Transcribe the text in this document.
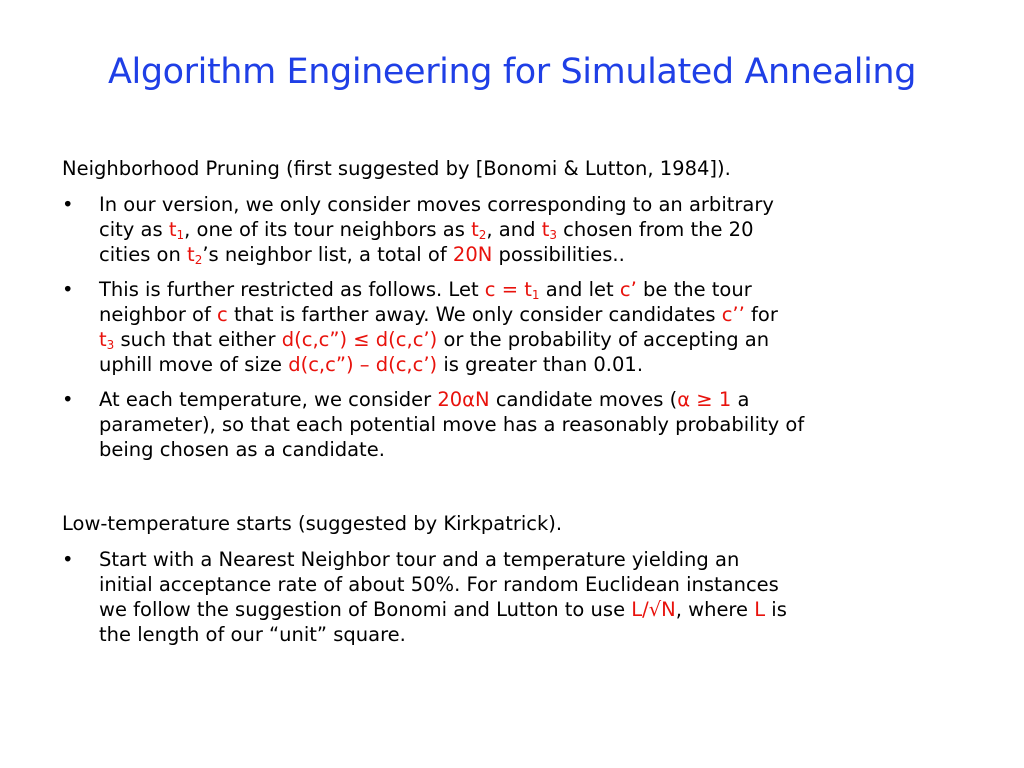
Algorithm Engineering for Simulated Annealing

Neighborhood Pruning (first suggested by [Bonomi & Lutton, 1984]).

• In our version, we only consider moves corresponding to an arbitrary
city as $t_1$, one of its tour neighbors as $t_2$, and $t_3$ chosen from the 20
cities on $t_2’s$ neighbor list, a total of 20N possibilities..
• This is further restricted as follows. Let $c = t_1$ and let c’ be the tour
neighbor of c that is farther away. We only consider candidates c’’ for
$t_3$ such that either d(c,c”) ≤ d(c,c’) or the probability of accepting an
uphill move of size d(c,c”) – d(c,c’) is greater than 0.01.
• At each temperature, we consider 20αN candidate moves (α ≥ 1 a
parameter), so that each potential move has a reasonably probability of
being chosen as a candidate.

Low-temperature starts (suggested by Kirkpatrick).

• Start with a Nearest Neighbor tour and a temperature yielding an
initial acceptance rate of about 50%. For random Euclidean instances
we follow the suggestion of Bonomi and Lutton to use L/√N, where L is
the length of our “unit” square.
